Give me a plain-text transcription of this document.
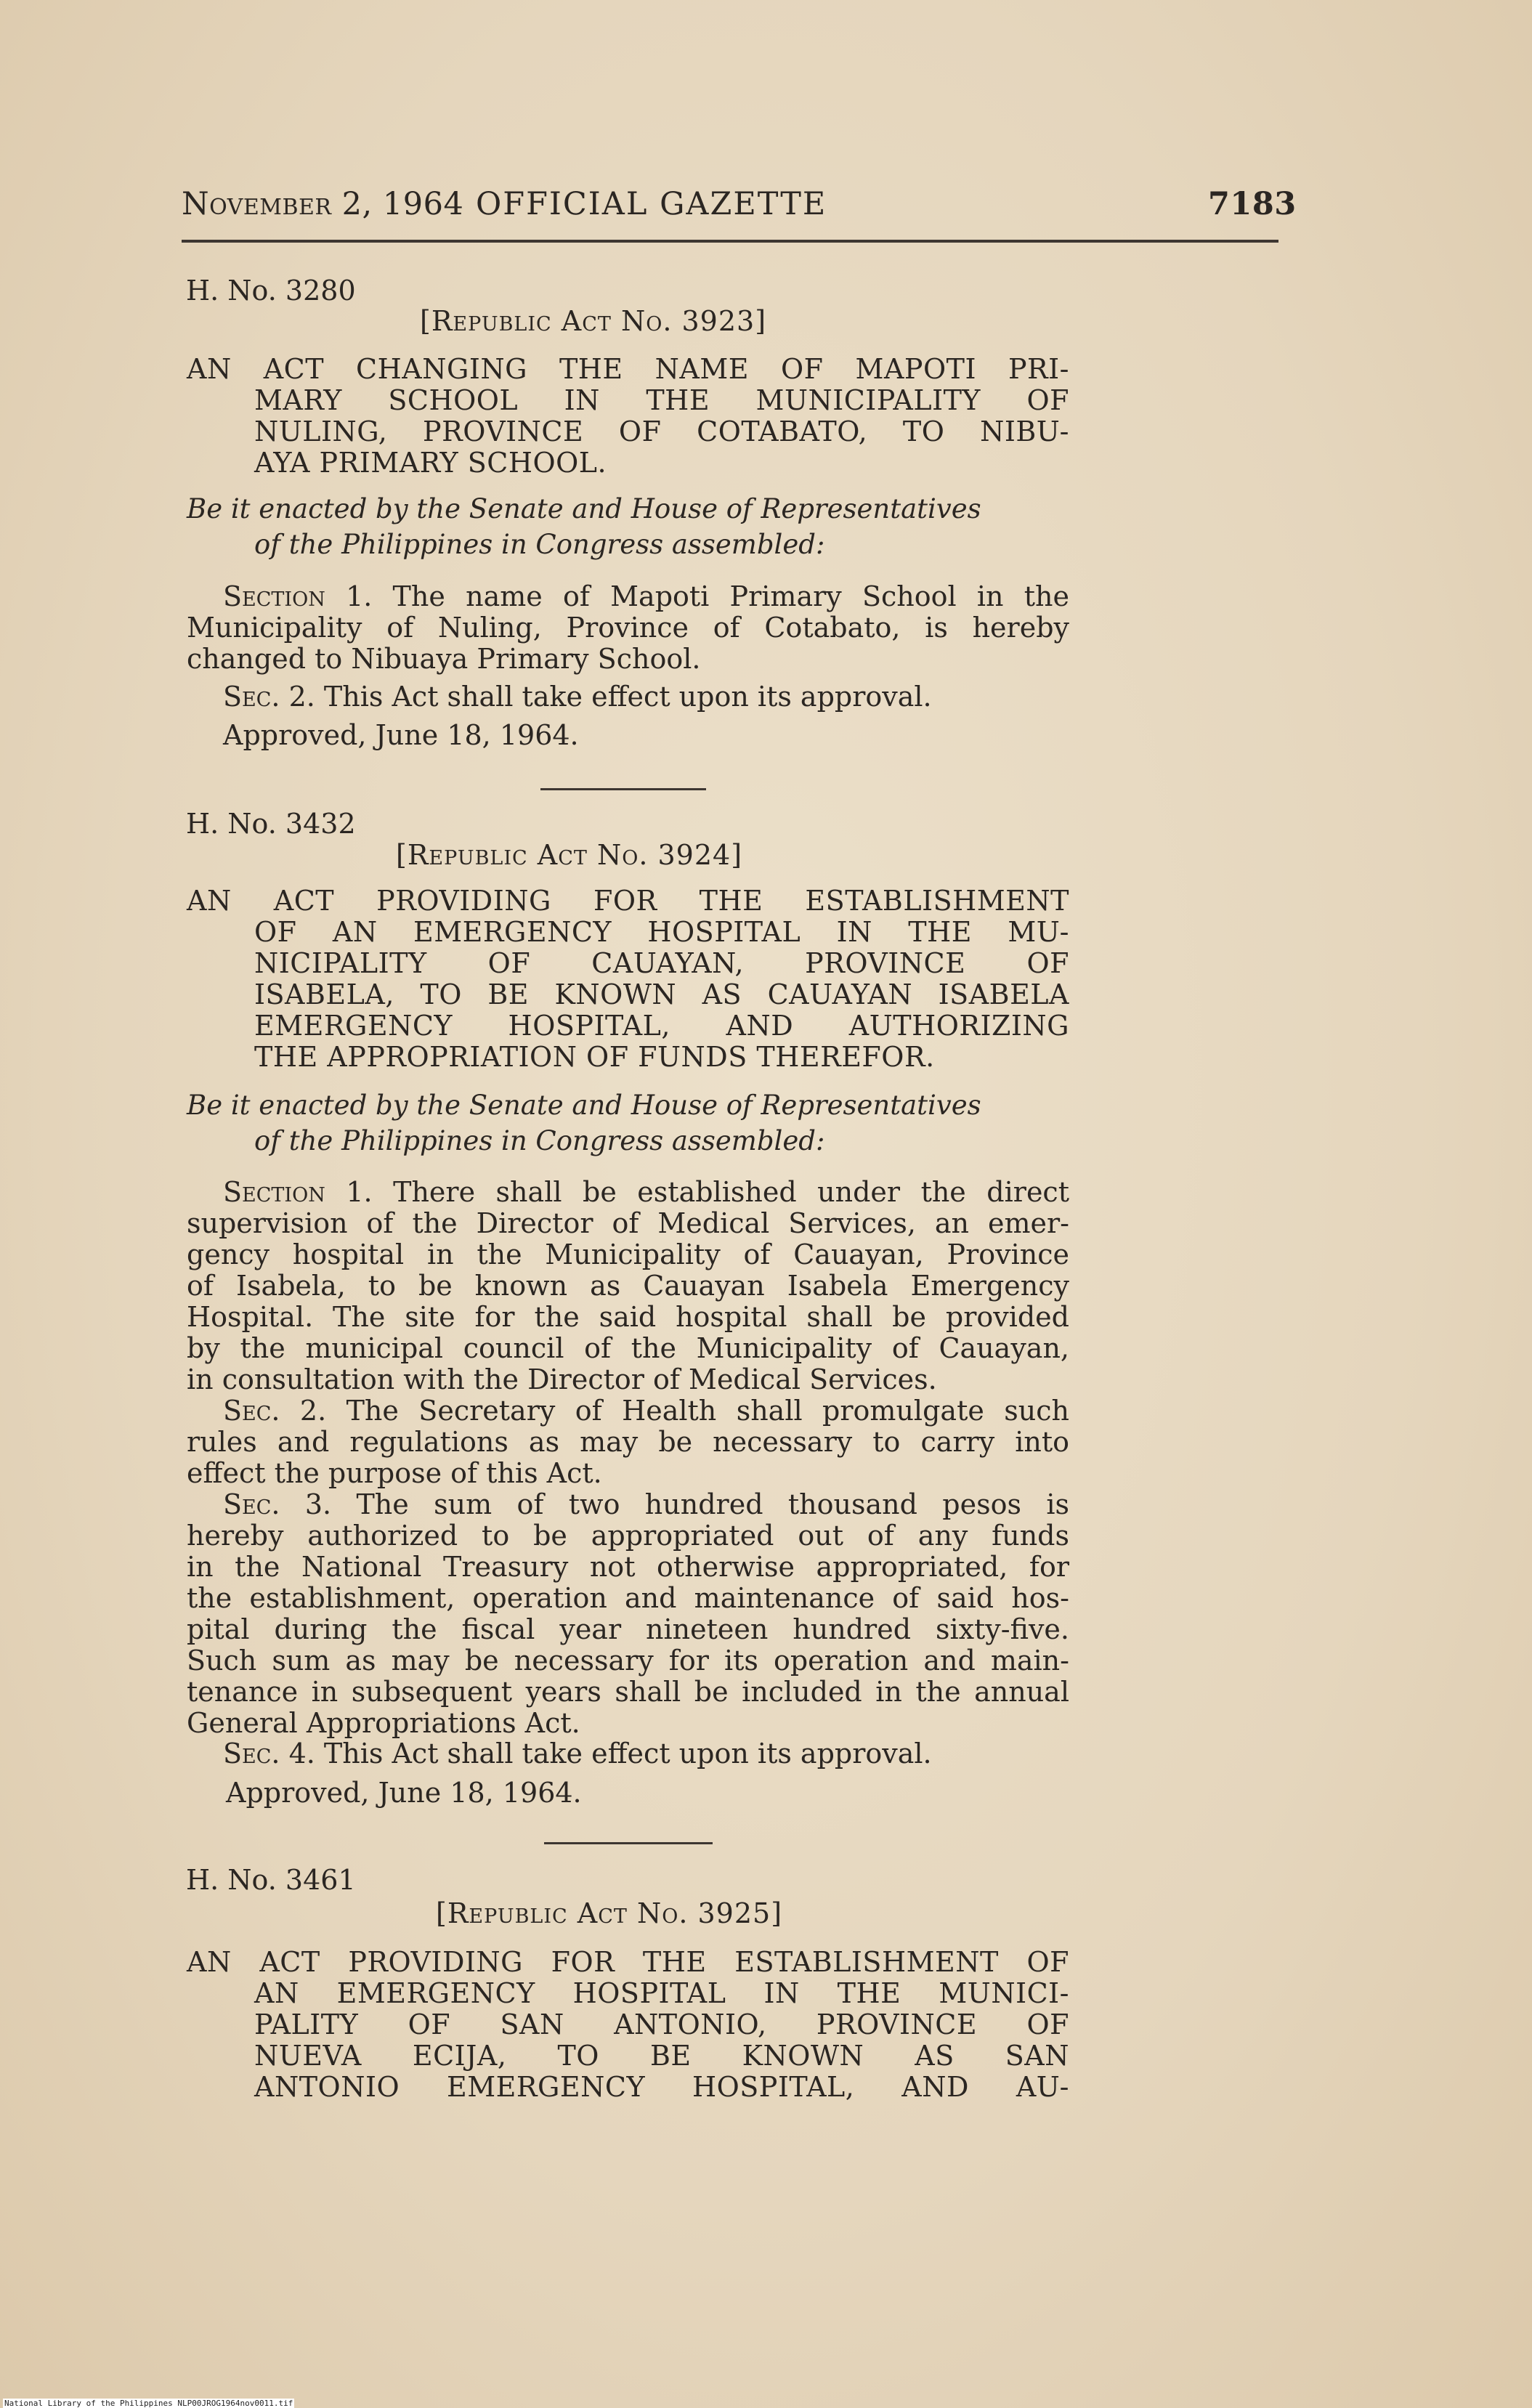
November 2, 1964 OFFICIAL GAZETTE	7183
H. No. 3280
[Republic Act No. 3923]
AN ACT CHANGING THE NAME OF MAPOTI PRI-
MARY SCHOOL IN THE MUNICIPALITY OF
NULING, PROVINCE OF COTABATO, TO NIBU-
AYA PRIMARY SCHOOL.
Be it enacted by the Senate and House of Representatives
of the Philippines in Congress assembled:
Section 1. The name of Mapoti Primary School in the
Municipality of Nuling, Province of Cotabato, is hereby
changed to Nibuaya Primary School.
Sec. 2. This Act shall take effect upon its approval.
Approved, June 18, 1964.
H. No. 3432
[Republic Act No. 3924]
AN ACT PROVIDING FOR THE ESTABLISHMENT
OF AN EMERGENCY HOSPITAL IN THE MU-
NICIPALITY OF CAUAYAN, PROVINCE OF
ISABELA, TO BE KNOWN AS CAUAYAN ISABELA
EMERGENCY HOSPITAL, AND AUTHORIZING
THE APPROPRIATION OF FUNDS THEREFOR.
Be it enacted by the Senate and House of Representatives
of the Philippines in Congress assembled:
Section 1. There shall be established under the direct
supervision of the Director of Medical Services, an emer-
gency hospital in the Municipality of Cauayan, Province
of Isabela, to be known as Cauayan Isabela Emergency
Hospital. The site for the said hospital shall be provided
by the municipal council of the Municipality of Cauayan,
in consultation with the Director of Medical Services.
Sec. 2. The Secretary of Health shall promulgate such
rules and regulations as may be necessary to carry into
effect the purpose of this Act.
Sec. 3. The sum of two hundred thousand pesos is
hereby authorized to be appropriated out of any funds
in the National Treasury not otherwise appropriated, for
the establishment, operation and maintenance of said hos-
pital during the fiscal year nineteen hundred sixty-five.
Such sum as may be necessary for its operation and main-
tenance in subsequent years shall be included in the annual
General Appropriations Act.
Sec. 4. This Act shall take effect upon its approval.
Approved, June 18, 1964.
H. No. 3461
[Republic Act No. 3925]
AN ACT PROVIDING FOR THE ESTABLISHMENT OF
AN EMERGENCY HOSPITAL IN THE MUNICI-
PALITY OF SAN ANTONIO, PROVINCE OF
NUEVA ECIJA, TO BE KNOWN AS SAN
ANTONIO EMERGENCY HOSPITAL, AND AU-
National Library of the Philippines NLP00JROG1964nov0011.tif
